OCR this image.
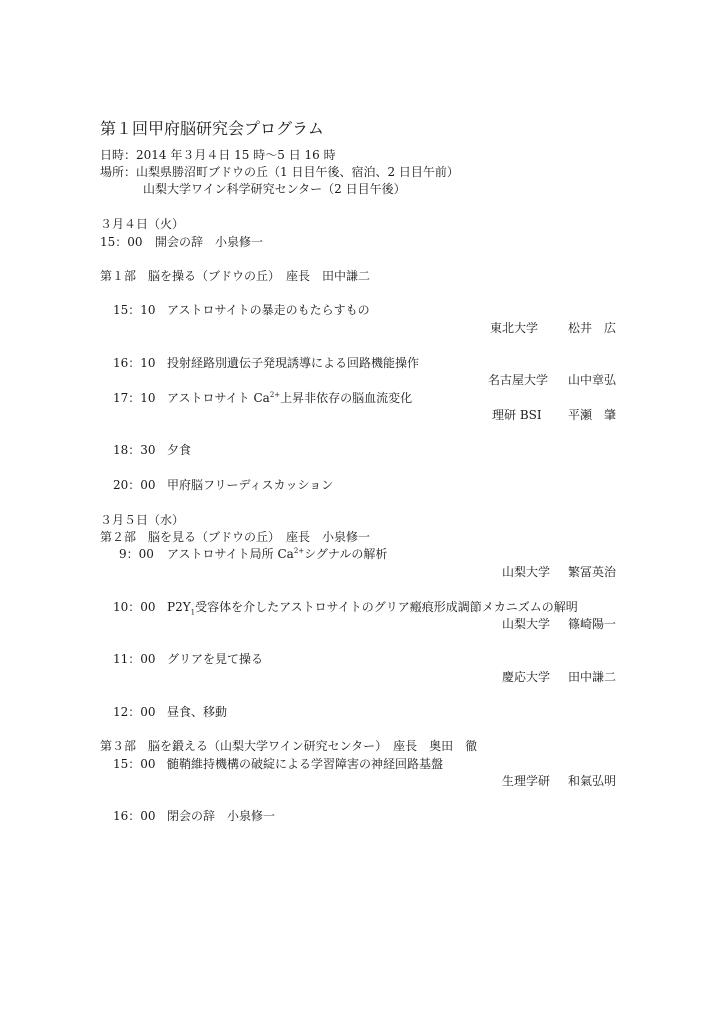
第１回甲府脳研究会プログラム
日時：2014 年３月４日 15 時～5 日 16 時
場所：山梨県勝沼町ブドウの丘（1 日目午後、宿泊、2 日目午前）
山梨大学ワイン科学研究センター（2 日目午後）
３月４日（火）
15：00 開会の辞　小泉修一
第１部　脳を操る（ブドウの丘）　座長　田中謙二
15：10 アストロサイトの暴走のもたらすもの
東北大学 松井　広
16：10 投射経路別遺伝子発現誘導による回路機能操作
名古屋大学 山中章弘
17：10 アストロサイト $Ca^{2+}$上昇非依存の脳血流変化
理研 BSI 平瀬　肇
18：30 夕食
20：00 甲府脳フリーディスカッション
３月５日（水）
第２部　脳を見る（ブドウの丘）　座長　小泉修一
9：00 アストロサイト局所 $Ca^{2+}$シグナルの解析
山梨大学 繁冨英治
10：00 $P2Y_1$受容体を介したアストロサイトのグリア瘢痕形成調節メカニズムの解明
山梨大学 篠崎陽一
11：00 グリアを見て操る
慶応大学 田中謙二
12：00 昼食、移動
第３部　脳を鍛える（山梨大学ワイン研究センター）　座長　奥田　徹
15：00 髄鞘維持機構の破綻による学習障害の神経回路基盤
生理学研 和氣弘明
16：00 閉会の辞　小泉修一
